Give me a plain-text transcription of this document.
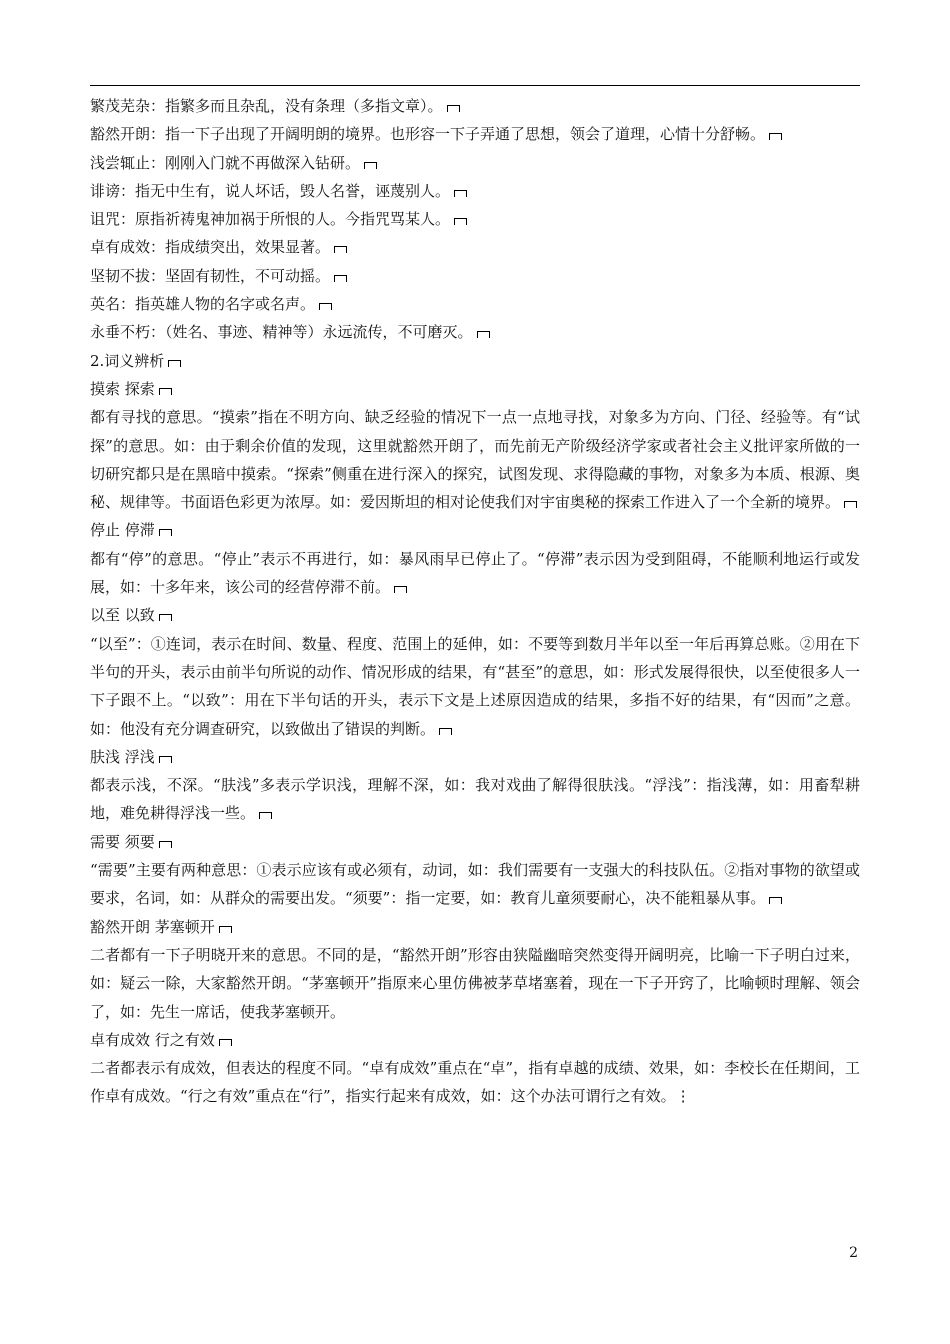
繁茂芜杂：指繁多而且杂乱，没有条理（多指文章）。

豁然开朗：指一下子出现了开阔明朗的境界。也形容一下子弄通了思想，领会了道理，心情十分舒畅。

浅尝辄止：刚刚入门就不再做深入钻研。

诽谤：指无中生有，说人坏话，毁人名誉，诬蔑别人。

诅咒：原指祈祷鬼神加祸于所恨的人。今指咒骂某人。

卓有成效：指成绩突出，效果显著。

坚韧不拔：坚固有韧性，不可动摇。

英名：指英雄人物的名字或名声。

永垂不朽：（姓名、事迹、精神等）永远流传，不可磨灭。

2.词义辨析

摸索 探索

都有寻找的意思。“摸索”指在不明方向、缺乏经验的情况下一点一点地寻找，对象多为方向、门径、经验等。有“试探”的意思。如：由于剩余价值的发现，这里就豁然开朗了，而先前无产阶级经济学家或者社会主义批评家所做的一切研究都只是在黑暗中摸索。“探索”侧重在进行深入的探究，试图发现、求得隐藏的事物，对象多为本质、根源、奥秘、规律等。书面语色彩更为浓厚。如：爱因斯坦的相对论使我们对宇宙奥秘的探索工作进入了一个全新的境界。

停止 停滞

都有“停”的意思。“停止”表示不再进行，如：暴风雨早已停止了。“停滞”表示因为受到阻碍，不能顺利地运行或发展，如：十多年来，该公司的经营停滞不前。

以至 以致

“以至”：①连词，表示在时间、数量、程度、范围上的延伸，如：不要等到数月半年以至一年后再算总账。②用在下半句的开头，表示由前半句所说的动作、情况形成的结果，有“甚至”的意思，如：形式发展得很快，以至使很多人一下子跟不上。“以致”：用在下半句话的开头，表示下文是上述原因造成的结果，多指不好的结果，有“因而”之意。如：他没有充分调查研究，以致做出了错误的判断。

肤浅 浮浅

都表示浅，不深。“肤浅”多表示学识浅，理解不深，如：我对戏曲了解得很肤浅。“浮浅”：指浅薄，如：用畜犁耕地，难免耕得浮浅一些。

需要 须要

“需要”主要有两种意思：①表示应该有或必须有，动词，如：我们需要有一支强大的科技队伍。②指对事物的欲望或要求，名词，如：从群众的需要出发。“须要”：指一定要，如：教育儿童须要耐心，决不能粗暴从事。

豁然开朗 茅塞顿开

二者都有一下子明晓开来的意思。不同的是，“豁然开朗”形容由狭隘幽暗突然变得开阔明亮，比喻一下子明白过来，如：疑云一除，大家豁然开朗。“茅塞顿开”指原来心里仿佛被茅草堵塞着，现在一下子开窍了，比喻顿时理解、领会了，如：先生一席话，使我茅塞顿开。

卓有成效 行之有效

二者都表示有成效，但表达的程度不同。“卓有成效”重点在“卓”，指有卓越的成绩、效果，如：李校长在任期间，工作卓有成效。“行之有效”重点在“行”，指实行起来有成效，如：这个办法可谓行之有效。⋮

2
